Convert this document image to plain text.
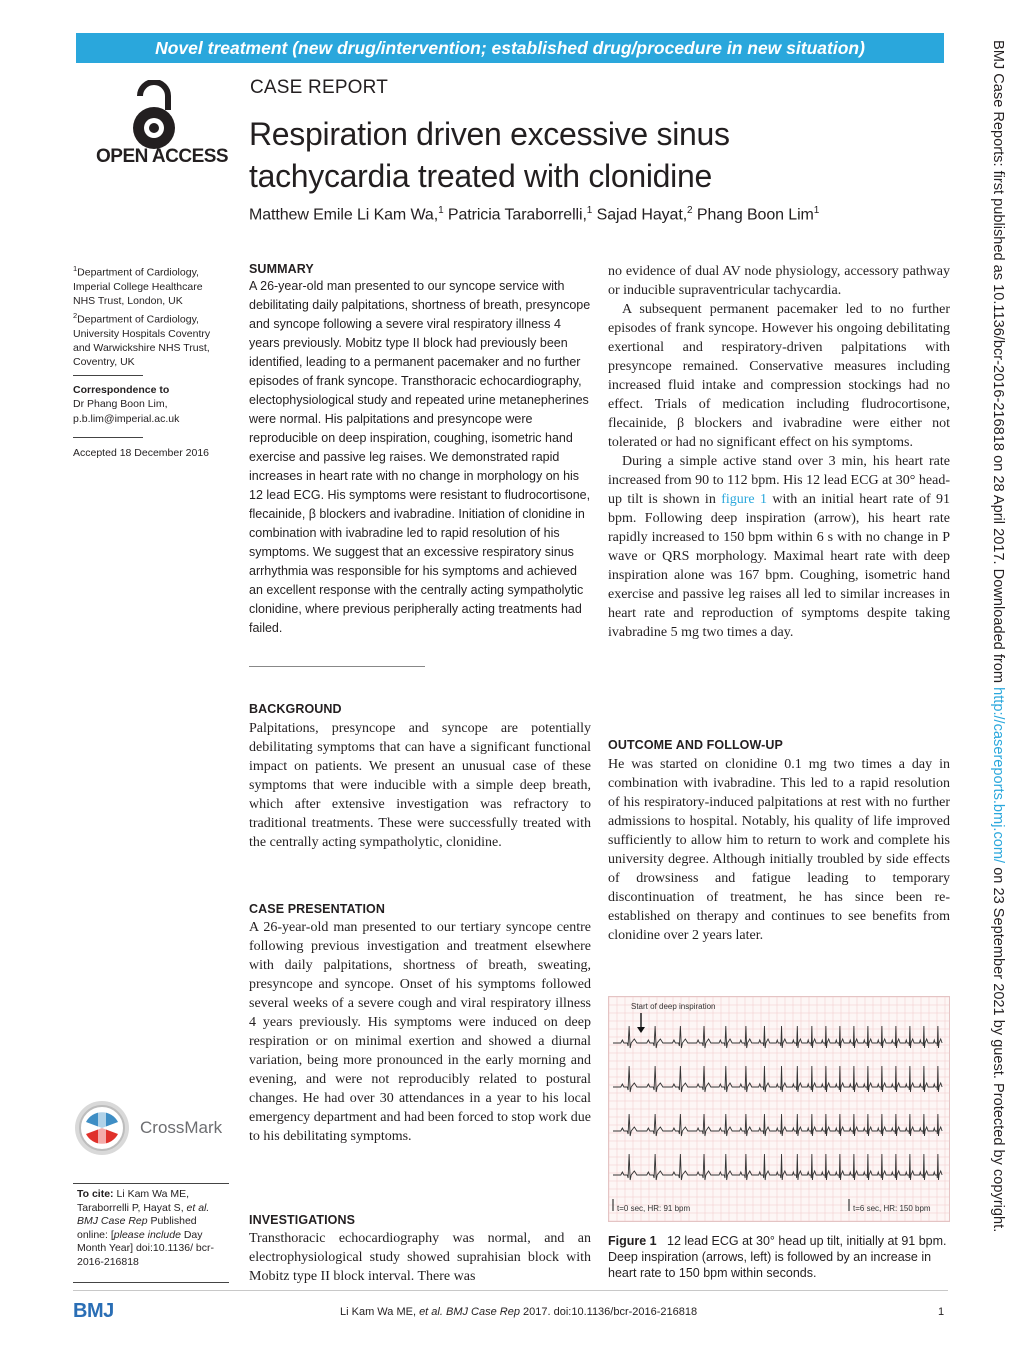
Novel treatment (new drug/intervention; established drug/procedure in new situation)
OPEN ACCESS
CASE REPORT
Respiration driven excessive sinus tachycardia treated with clonidine
Matthew Emile Li Kam Wa,$^1$ Patricia Taraborrelli,$^1$ Sajad Hayat,$^2$ Phang Boon Lim$^1$
$^1$Department of Cardiology, Imperial College Healthcare NHS Trust, London, UK
$^2$Department of Cardiology, University Hospitals Coventry and Warwickshire NHS Trust, Coventry, UK
Correspondence to
Dr Phang Boon Lim,
p.b.lim@imperial.ac.uk
Accepted 18 December 2016
SUMMARY
A 26-year-old man presented to our syncope service with debilitating daily palpitations, shortness of breath, presyncope and syncope following a severe viral respiratory illness 4 years previously. Mobitz type II block had previously been identified, leading to a permanent pacemaker and no further episodes of frank syncope. Transthoracic echocardiography, electophysiological study and repeated urine metanepherines were normal. His palpitations and presyncope were reproducible on deep inspiration, coughing, isometric hand exercise and passive leg raises. We demonstrated rapid increases in heart rate with no change in morphology on his 12 lead ECG. His symptoms were resistant to fludrocortisone, flecainide, β blockers and ivabradine. Initiation of clonidine in combination with ivabradine led to rapid resolution of his symptoms. We suggest that an excessive respiratory sinus arrhythmia was responsible for his symptoms and achieved an excellent response with the centrally acting sympatholytic clonidine, where previous peripherally acting treatments had failed.
BACKGROUND
Palpitations, presyncope and syncope are potentially debilitating symptoms that can have a significant functional impact on patients. We present an unusual case of these symptoms that were inducible with a simple deep breath, which after extensive investigation was refractory to traditional treatments. These were successfully treated with the centrally acting sympatholytic, clonidine.
CASE PRESENTATION
A 26-year-old man presented to our tertiary syncope centre following previous investigation and treatment elsewhere with daily palpitations, shortness of breath, sweating, presyncope and syncope. Onset of his symptoms followed several weeks of a severe cough and viral respiratory illness 4 years previously. His symptoms were induced on deep respiration or on minimal exertion and showed a diurnal variation, being more pronounced in the early morning and evening, and were not reproducibly related to postural changes. He had over 30 attendances in a year to his local emergency department and had been forced to stop work due to his debilitating symptoms.
INVESTIGATIONS
Transthoracic echocardiography was normal, and an electrophysiological study showed suprahisian block with Mobitz type II block interval. There was

no evidence of dual AV node physiology, accessory pathway or inducible supraventricular tachycardia.

A subsequent permanent pacemaker led to no further episodes of frank syncope. However his ongoing debilitating exertional and respiratory-driven palpitations with presyncope remained. Conservative measures including increased fluid intake and compression stockings had no effect. Trials of medication including fludrocortisone, flecainide, β blockers and ivabradine were either not tolerated or had no significant effect on his symptoms.

During a simple active stand over 3 min, his heart rate increased from 90 to 112 bpm. His 12 lead ECG at 30° head-up tilt is shown in figure 1 with an initial heart rate of 91 bpm. Following deep inspiration (arrow), his heart rate rapidly increased to 150 bpm within 6 s with no change in P wave or QRS morphology. Maximal heart rate with deep inspiration alone was 167 bpm. Coughing, isometric hand exercise and passive leg raises all led to similar increases in heart rate and reproduction of symptoms despite taking ivabradine 5 mg two times a day.

OUTCOME AND FOLLOW-UP
He was started on clonidine 0.1 mg two times a day in combination with ivabradine. This led to a rapid resolution of his respiratory-induced palpitations at rest with no further admissions to hospital. Notably, his quality of life improved sufficiently to allow him to return to work and complete his university degree. Although initially troubled by side effects of drowsiness and fatigue leading to temporary discontinuation of treatment, he has since been re-established on therapy and continues to see benefits from clonidine over 2 years later.
Start of deep inspiration
t=0 sec, HR: 91 bpm	t=6 sec, HR: 150 bpm
Figure 1 12 lead ECG at 30° head up tilt, initially at 91 bpm. Deep inspiration (arrows, left) is followed by an increase in heart rate to 150 bpm within seconds.
CrossMark
To cite: Li Kam Wa ME, Taraborrelli P, Hayat S, et al. BMJ Case Rep Published online: [please include Day Month Year] doi:10.1136/ bcr-2016-216818
BMJ	Li Kam Wa ME, et al. BMJ Case Rep 2017. doi:10.1136/bcr-2016-216818	1
BMJ Case Reports: first published as 10.1136/bcr-2016-216818 on 28 April 2017. Downloaded from http://casereports.bmj.com/ on 23 September 2021 by guest. Protected by copyright.
